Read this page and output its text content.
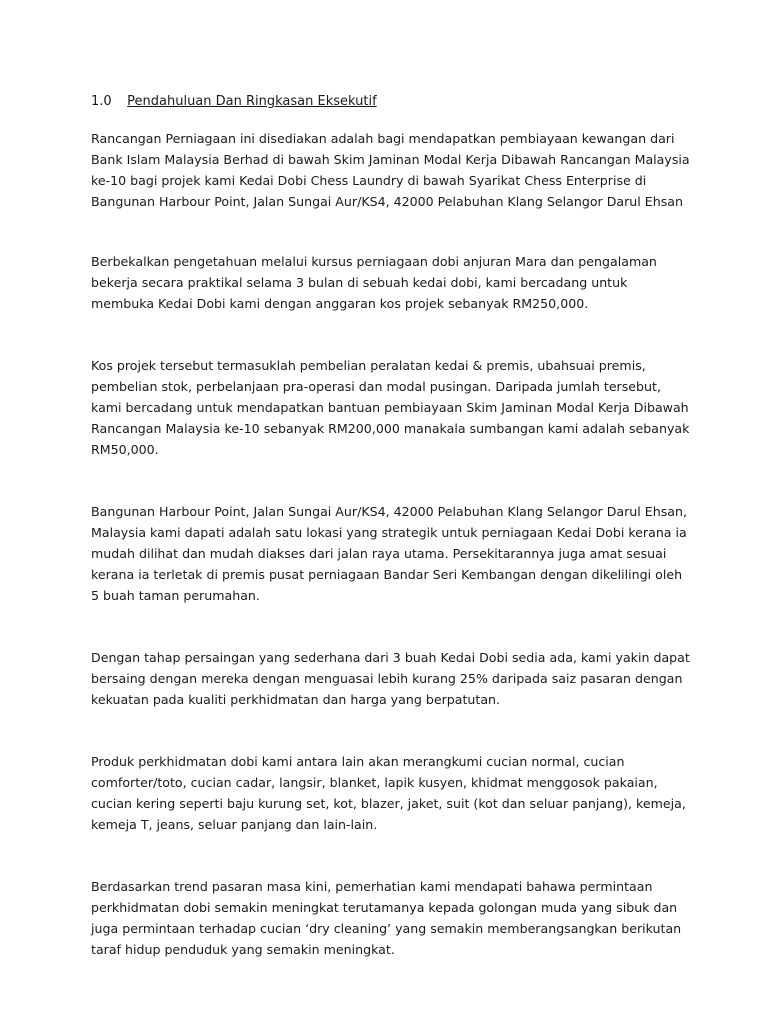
1.0 Pendahuluan Dan Ringkasan Eksekutif

Rancangan Perniagaan ini disediakan adalah bagi mendapatkan pembiayaan kewangan dari Bank Islam Malaysia Berhad di bawah Skim Jaminan Modal Kerja Dibawah Rancangan Malaysia ke-10 bagi projek kami Kedai Dobi Chess Laundry di bawah Syarikat Chess Enterprise di Bangunan Harbour Point, Jalan Sungai Aur/KS4, 42000 Pelabuhan Klang Selangor Darul Ehsan

Berbekalkan pengetahuan melalui kursus perniagaan dobi anjuran Mara dan pengalaman bekerja secara praktikal selama 3 bulan di sebuah kedai dobi, kami bercadang untuk membuka Kedai Dobi kami dengan anggaran kos projek sebanyak RM250,000.

Kos projek tersebut termasuklah pembelian peralatan kedai & premis, ubahsuai premis, pembelian stok, perbelanjaan pra-operasi dan modal pusingan. Daripada jumlah tersebut, kami bercadang untuk mendapatkan bantuan pembiayaan Skim Jaminan Modal Kerja Dibawah Rancangan Malaysia ke-10 sebanyak RM200,000 manakala sumbangan kami adalah sebanyak RM50,000.

Bangunan Harbour Point, Jalan Sungai Aur/KS4, 42000 Pelabuhan Klang Selangor Darul Ehsan, Malaysia kami dapati adalah satu lokasi yang strategik untuk perniagaan Kedai Dobi kerana ia mudah dilihat dan mudah diakses dari jalan raya utama. Persekitarannya juga amat sesuai kerana ia terletak di premis pusat perniagaan Bandar Seri Kembangan dengan dikelilingi oleh 5 buah taman perumahan.

Dengan tahap persaingan yang sederhana dari 3 buah Kedai Dobi sedia ada, kami yakin dapat bersaing dengan mereka dengan menguasai lebih kurang 25% daripada saiz pasaran dengan kekuatan pada kualiti perkhidmatan dan harga yang berpatutan.

Produk perkhidmatan dobi kami antara lain akan merangkumi cucian normal, cucian comforter/toto, cucian cadar, langsir, blanket, lapik kusyen, khidmat menggosok pakaian, cucian kering seperti baju kurung set, kot, blazer, jaket, suit (kot dan seluar panjang), kemeja, kemeja T, jeans, seluar panjang dan lain-lain.

Berdasarkan trend pasaran masa kini, pemerhatian kami mendapati bahawa permintaan perkhidmatan dobi semakin meningkat terutamanya kepada golongan muda yang sibuk dan juga permintaan terhadap cucian ‘dry cleaning’ yang semakin memberangsangkan berikutan taraf hidup penduduk yang semakin meningkat.
